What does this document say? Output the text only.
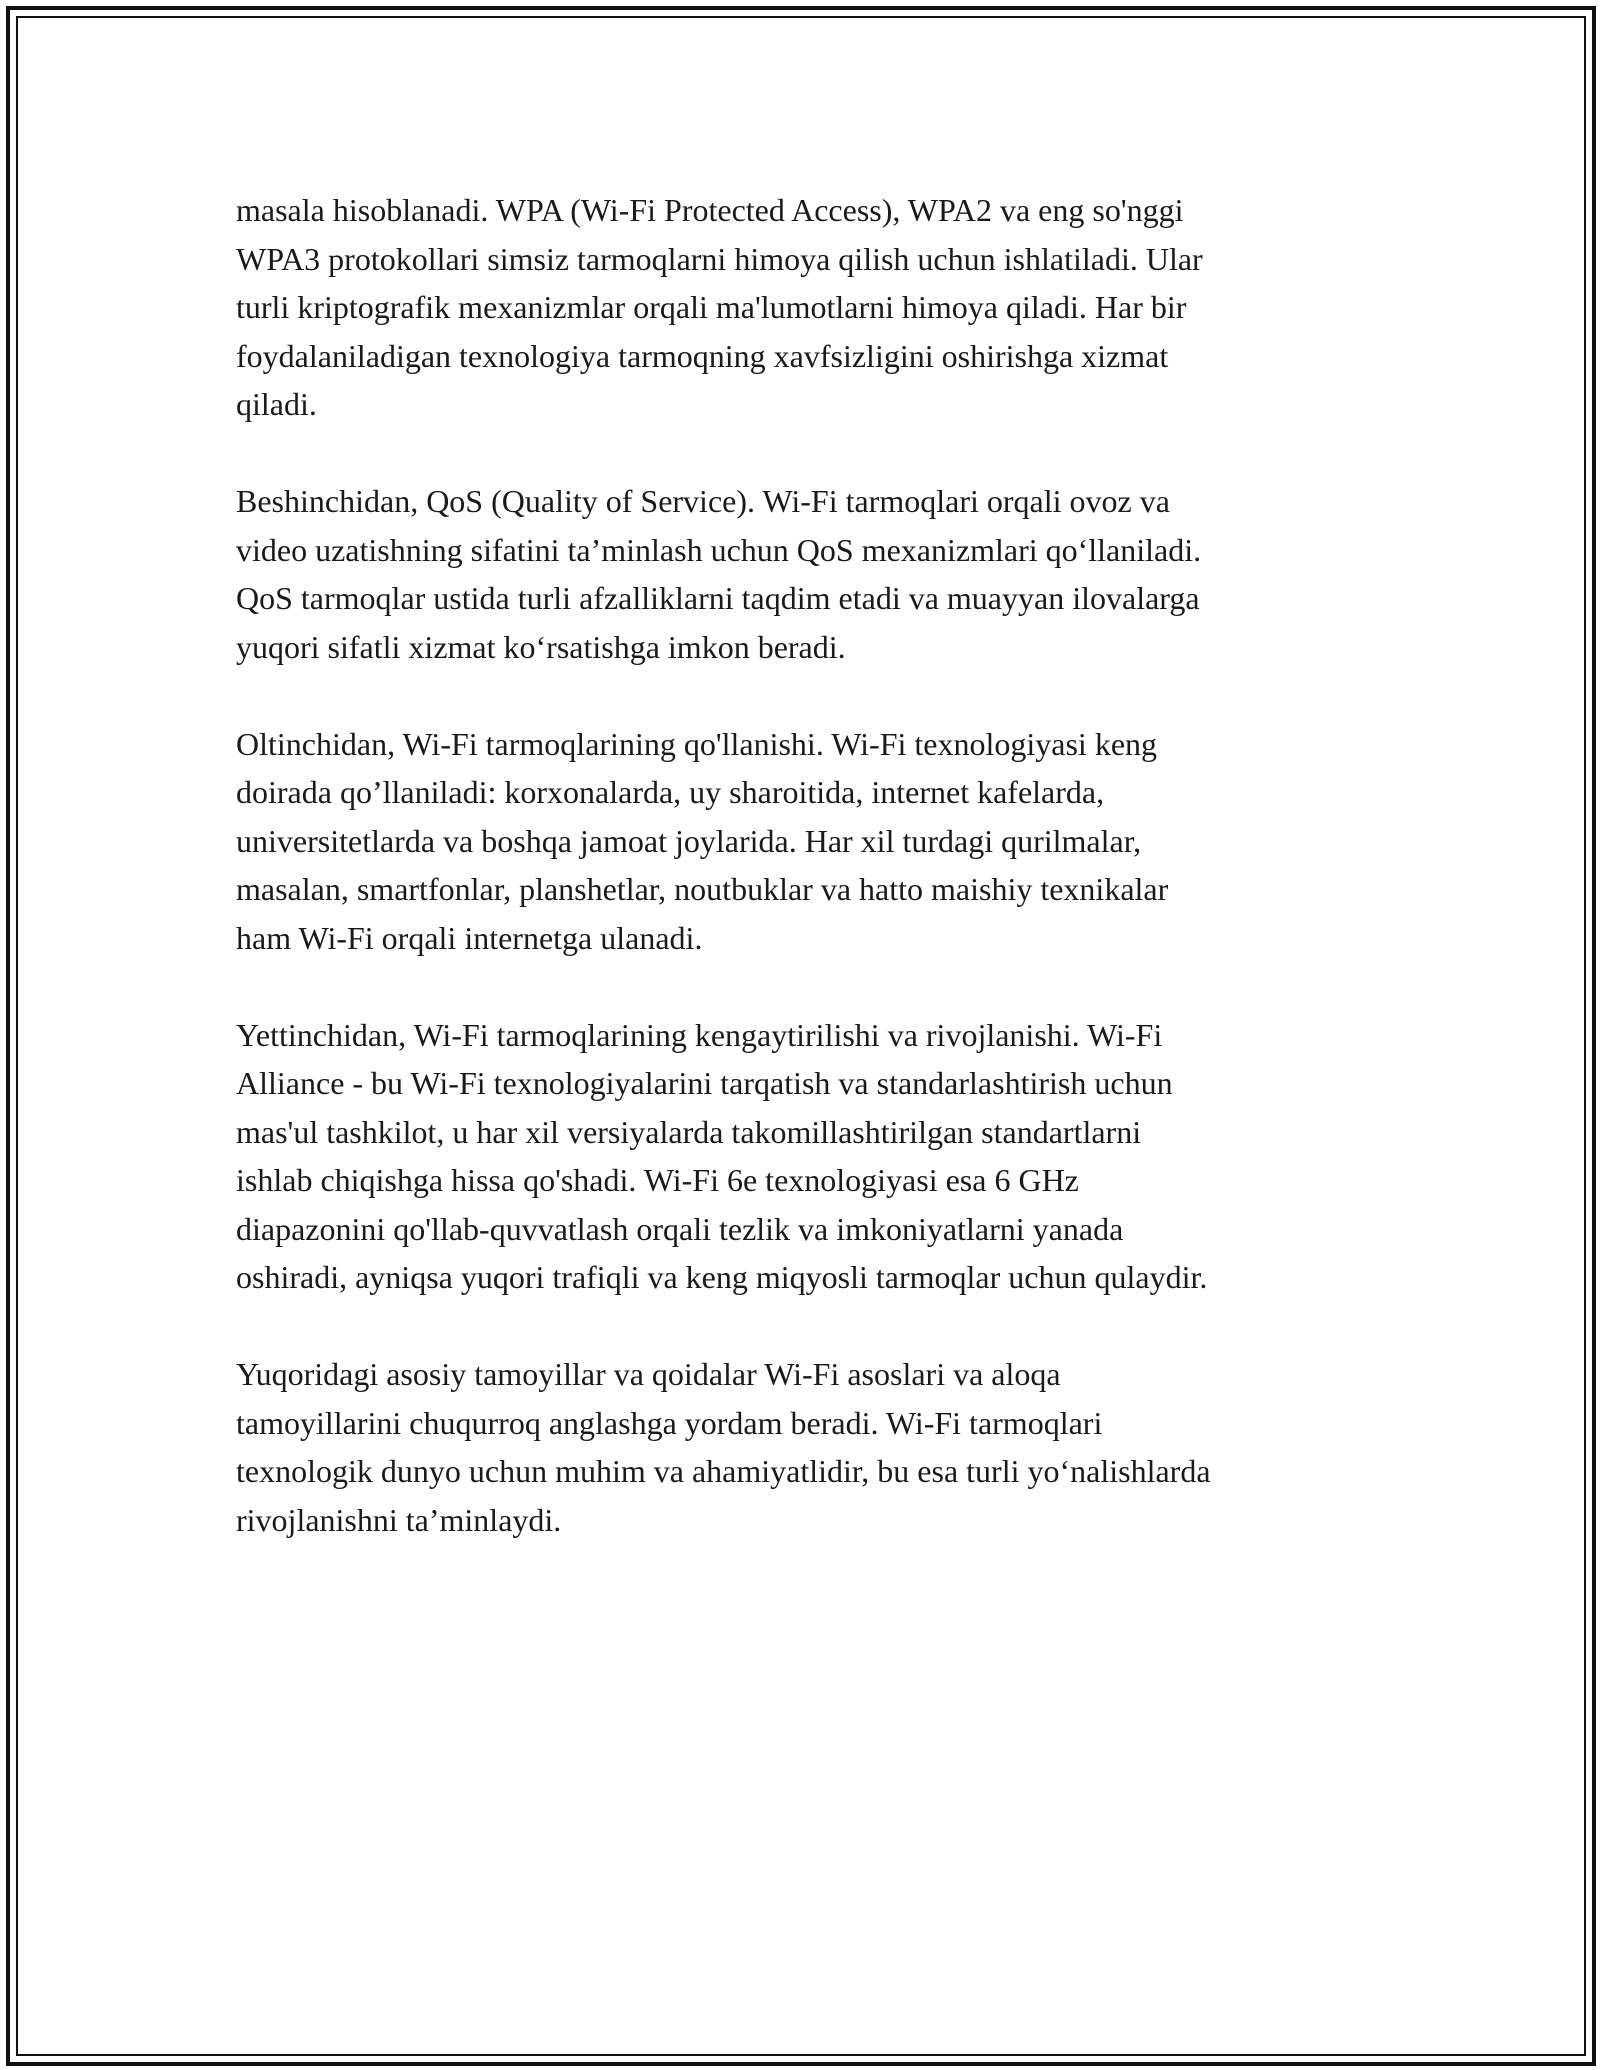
masala hisoblanadi. WPA (Wi-Fi Protected Access), WPA2 va eng so'nggi
WPA3 protokollari simsiz tarmoqlarni himoya qilish uchun ishlatiladi. Ular
turli kriptografik mexanizmlar orqali ma'lumotlarni himoya qiladi. Har bir
foydalaniladigan texnologiya tarmoqning xavfsizligini oshirishga xizmat
qiladi.

Beshinchidan, QoS (Quality of Service). Wi-Fi tarmoqlari orqali ovoz va
video uzatishning sifatini ta’minlash uchun QoS mexanizmlari qoʻllaniladi.
QoS tarmoqlar ustida turli afzalliklarni taqdim etadi va muayyan ilovalarga
yuqori sifatli xizmat koʻrsatishga imkon beradi.

Oltinchidan, Wi-Fi tarmoqlarining qo'llanishi. Wi-Fi texnologiyasi keng
doirada qo’llaniladi: korxonalarda, uy sharoitida, internet kafelarda,
universitetlarda va boshqa jamoat joylarida. Har xil turdagi qurilmalar,
masalan, smartfonlar, planshetlar, noutbuklar va hatto maishiy texnikalar
ham Wi-Fi orqali internetga ulanadi.

Yettinchidan, Wi-Fi tarmoqlarining kengaytirilishi va rivojlanishi. Wi-Fi
Alliance - bu Wi-Fi texnologiyalarini tarqatish va standarlashtirish uchun
mas'ul tashkilot, u har xil versiyalarda takomillashtirilgan standartlarni
ishlab chiqishga hissa qo'shadi. Wi-Fi 6e texnologiyasi esa 6 GHz
diapazonini qo'llab-quvvatlash orqali tezlik va imkoniyatlarni yanada
oshiradi, ayniqsa yuqori trafiqli va keng miqyosli tarmoqlar uchun qulaydir.

Yuqoridagi asosiy tamoyillar va qoidalar Wi-Fi asoslari va aloqa
tamoyillarini chuqurroq anglashga yordam beradi. Wi-Fi tarmoqlari
texnologik dunyo uchun muhim va ahamiyatlidir, bu esa turli yoʻnalishlarda
rivojlanishni ta’minlaydi.
